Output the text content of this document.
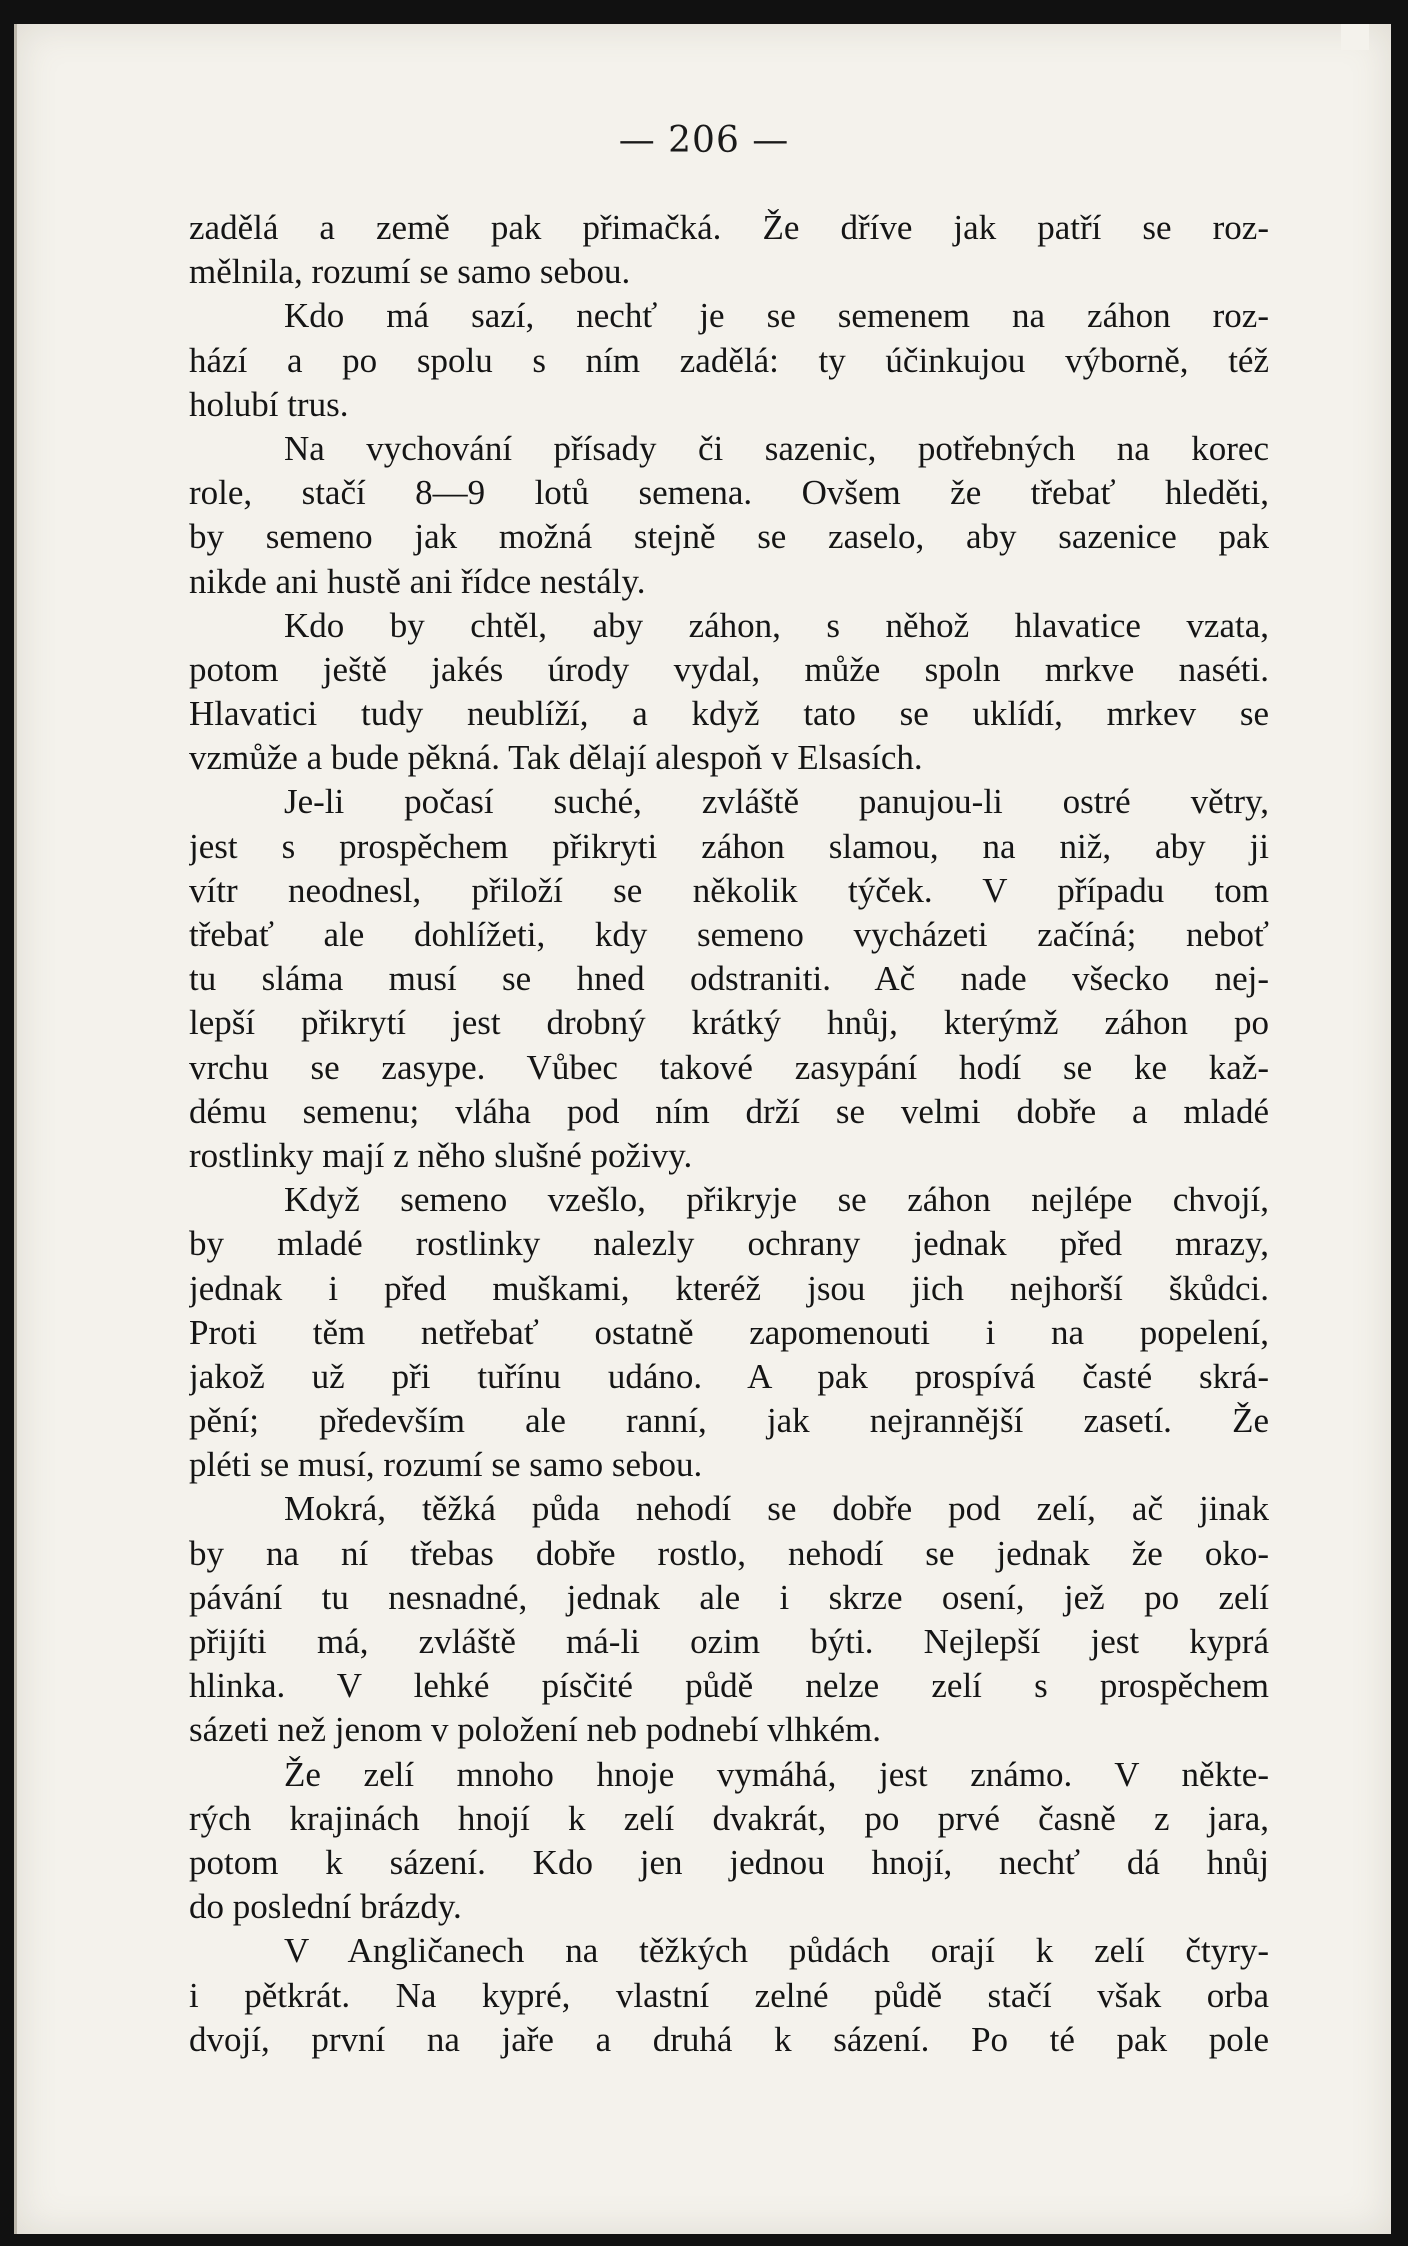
— 206 —
zadělá a země pak přimačká. Že dříve jak patří se roz-
mělnila, rozumí se samo sebou.
Kdo má sazí, nechť je se semenem na záhon roz-
hází a po spolu s ním zadělá: ty účinkujou výborně, též
holubí trus.
Na vychování přísady či sazenic, potřebných na korec
role, stačí 8—9 lotů semena. Ovšem že třebať hleděti,
by semeno jak možná stejně se zaselo, aby sazenice pak
nikde ani hustě ani řídce nestály.
Kdo by chtěl, aby záhon, s něhož hlavatice vzata,
potom ještě jakés úrody vydal, může spoln mrkve naséti.
Hlavatici tudy neublíží, a když tato se uklídí, mrkev se
vzmůže a bude pěkná. Tak dělají alespoň v Elsasích.
Je-li počasí suché, zvláště panujou-li ostré větry,
jest s prospěchem přikryti záhon slamou, na niž, aby ji
vítr neodnesl, přiloží se několik týček. V případu tom
třebať ale dohlížeti, kdy semeno vycházeti začíná; neboť
tu sláma musí se hned odstraniti. Ač nade všecko nej-
lepší přikrytí jest drobný krátký hnůj, kterýmž záhon po
vrchu se zasype. Vůbec takové zasypání hodí se ke kaž-
dému semenu; vláha pod ním drží se velmi dobře a mladé
rostlinky mají z něho slušné poživy.
Když semeno vzešlo, přikryje se záhon nejlépe chvojí,
by mladé rostlinky nalezly ochrany jednak před mrazy,
jednak i před muškami, kteréž jsou jich nejhorší škůdci.
Proti těm netřebať ostatně zapomenouti i na popelení,
jakož už při tuřínu udáno. A pak prospívá časté skrá-
pění; především ale ranní, jak nejrannější zasetí. Že
pléti se musí, rozumí se samo sebou.
Mokrá, těžká půda nehodí se dobře pod zelí, ač jinak
by na ní třebas dobře rostlo, nehodí se jednak že oko-
pávání tu nesnadné, jednak ale i skrze osení, jež po zelí
přijíti má, zvláště má-li ozim býti. Nejlepší jest kyprá
hlinka. V lehké písčité půdě nelze zelí s prospěchem
sázeti než jenom v položení neb podnebí vlhkém.
Že zelí mnoho hnoje vymáhá, jest známo. V někte-
rých krajinách hnojí k zelí dvakrát, po prvé časně z jara,
potom k sázení. Kdo jen jednou hnojí, nechť dá hnůj
do poslední brázdy.
V Angličanech na těžkých půdách orají k zelí čtyry-
i pětkrát. Na kypré, vlastní zelné půdě stačí však orba
dvojí, první na jaře a druhá k sázení. Po té pak pole
